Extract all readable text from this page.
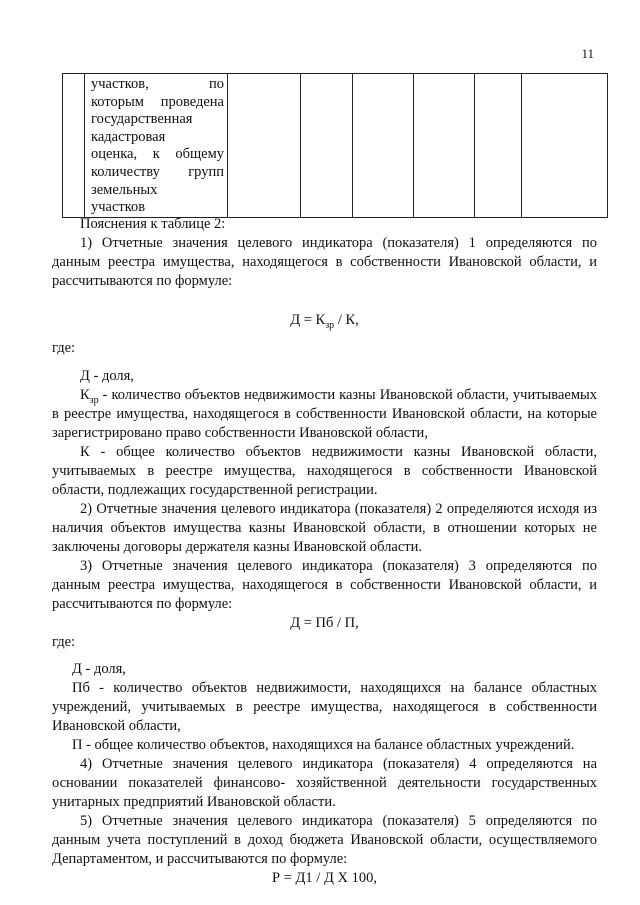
11

участков, по
которым проведена
государственная
кадастровая
оценка, к общему
количеству групп
земельных
участков

Пояснения к таблице 2:

1) Отчетные значения целевого индикатора (показателя) 1 определяются по данным реестра имущества, находящегося в собственности Ивановской области, и рассчитываются по формуле:

$Д = К_{зр} / К$,

где:

Д - доля,

$К_{зр}$ - количество объектов недвижимости казны Ивановской области, учитываемых в реестре имущества, находящегося в собственности Ивановской области, на которые зарегистрировано право собственности Ивановской области,

К - общее количество объектов недвижимости казны Ивановской области, учитываемых в реестре имущества, находящегося в собственности Ивановской области, подлежащих государственной регистрации.

2) Отчетные значения целевого индикатора (показателя) 2 определяются исходя из наличия объектов имущества казны Ивановской области, в отношении которых не заключены договоры держателя казны Ивановской области.

3) Отчетные значения целевого индикатора (показателя) 3 определяются по данным реестра имущества, находящегося в собственности Ивановской области, и рассчитываются по формуле:

Д = Пб / П,

где:

Д - доля,

Пб - количество объектов недвижимости, находящихся на балансе областных учреждений, учитываемых в реестре имущества, находящегося в собственности Ивановской области,

П - общее количество объектов, находящихся на балансе областных учреждений.

4) Отчетные значения целевого индикатора (показателя) 4 определяются на основании показателей финансово- хозяйственной деятельности государственных унитарных предприятий Ивановской области.

5) Отчетные значения целевого индикатора (показателя) 5 определяются по данным учета поступлений в доход бюджета Ивановской области, осуществляемого Департаментом, и рассчитываются по формуле:

Р = Д1 / Д Х 100,
